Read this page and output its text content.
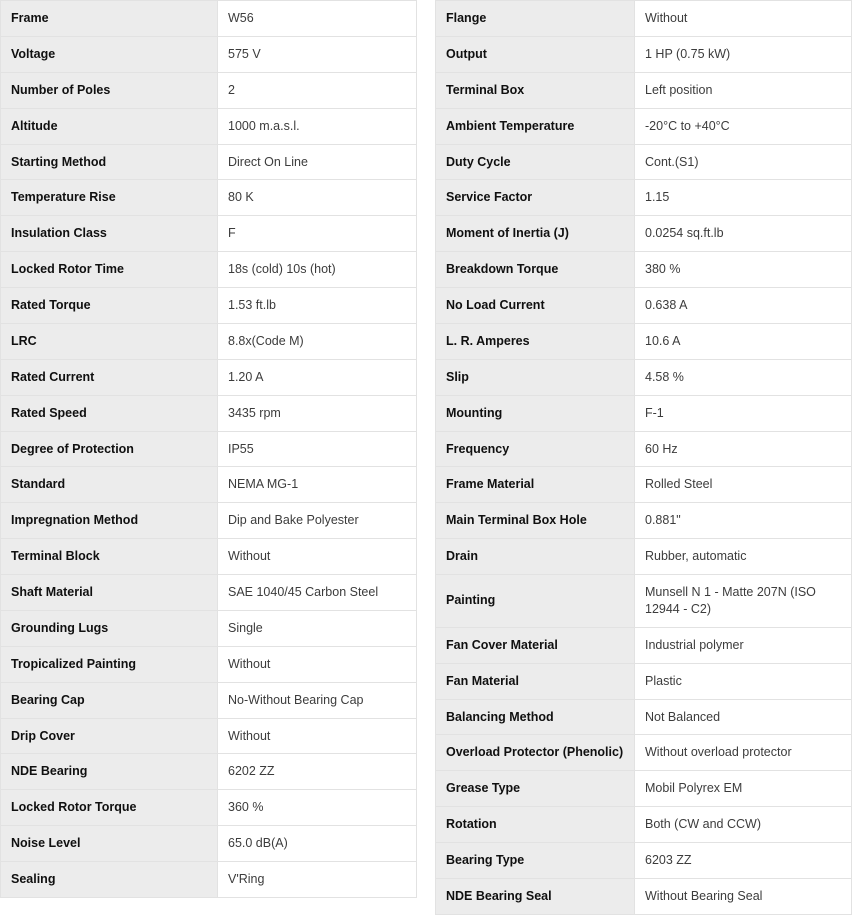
Frame	W56
Voltage	575 V
Number of Poles	2
Altitude	1000 m.a.s.l.
Starting Method	Direct On Line
Temperature Rise	80 K
Insulation Class	F
Locked Rotor Time	18s (cold) 10s (hot)
Rated Torque	1.53 ft.lb
LRC	8.8x(Code M)
Rated Current	1.20 A
Rated Speed	3435 rpm
Degree of Protection	IP55
Standard	NEMA MG-1
Impregnation Method	Dip and Bake Polyester
Terminal Block	Without
Shaft Material	SAE 1040/45 Carbon Steel
Grounding Lugs	Single
Tropicalized Painting	Without
Bearing Cap	No-Without Bearing Cap
Drip Cover	Without
NDE Bearing	6202 ZZ
Locked Rotor Torque	360 %
Noise Level	65.0 dB(A)
Sealing	V'Ring
Flange	Without
Output	1 HP (0.75 kW)
Terminal Box	Left position
Ambient Temperature	-20°C to +40°C
Duty Cycle	Cont.(S1)
Service Factor	1.15
Moment of Inertia (J)	0.0254 sq.ft.lb
Breakdown Torque	380 %
No Load Current	0.638 A
L. R. Amperes	10.6 A
Slip	4.58 %
Mounting	F-1
Frequency	60 Hz
Frame Material	Rolled Steel
Main Terminal Box Hole	0.881"
Drain	Rubber, automatic
Painting	Munsell N 1 - Matte 207N (ISO 12944 - C2)
Fan Cover Material	Industrial polymer
Fan Material	Plastic
Balancing Method	Not Balanced
Overload Protector (Phenolic)	Without overload protector
Grease Type	Mobil Polyrex EM
Rotation	Both (CW and CCW)
Bearing Type	6203 ZZ
NDE Bearing Seal	Without Bearing Seal
